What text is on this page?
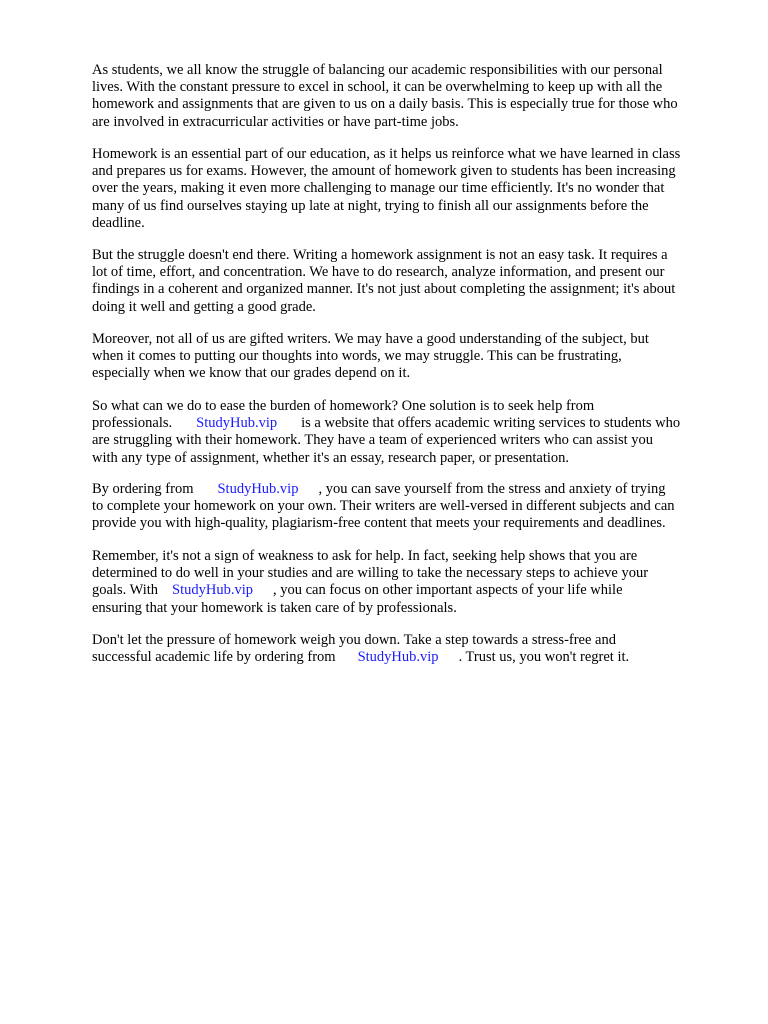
As students, we all know the struggle of balancing our academic responsibilities with our personal
lives. With the constant pressure to excel in school, it can be overwhelming to keep up with all the
homework and assignments that are given to us on a daily basis. This is especially true for those who
are involved in extracurricular activities or have part-time jobs.
Homework is an essential part of our education, as it helps us reinforce what we have learned in class
and prepares us for exams. However, the amount of homework given to students has been increasing
over the years, making it even more challenging to manage our time efficiently. It's no wonder that
many of us find ourselves staying up late at night, trying to finish all our assignments before the
deadline.
But the struggle doesn't end there. Writing a homework assignment is not an easy task. It requires a
lot of time, effort, and concentration. We have to do research, analyze information, and present our
findings in a coherent and organized manner. It's not just about completing the assignment; it's about
doing it well and getting a good grade.
Moreover, not all of us are gifted writers. We may have a good understanding of the subject, but
when it comes to putting our thoughts into words, we may struggle. This can be frustrating,
especially when we know that our grades depend on it.
So what can we do to ease the burden of homework? One solution is to seek help from
professionals. StudyHub.vip is a website that offers academic writing services to students who
are struggling with their homework. They have a team of experienced writers who can assist you
with any type of assignment, whether it's an essay, research paper, or presentation.
By ordering from StudyHub.vip , you can save yourself from the stress and anxiety of trying
to complete your homework on your own. Their writers are well-versed in different subjects and can
provide you with high-quality, plagiarism-free content that meets your requirements and deadlines.
Remember, it's not a sign of weakness to ask for help. In fact, seeking help shows that you are
determined to do well in your studies and are willing to take the necessary steps to achieve your
goals. With StudyHub.vip , you can focus on other important aspects of your life while
ensuring that your homework is taken care of by professionals.
Don't let the pressure of homework weigh you down. Take a step towards a stress-free and
successful academic life by ordering from StudyHub.vip . Trust us, you won't regret it.
